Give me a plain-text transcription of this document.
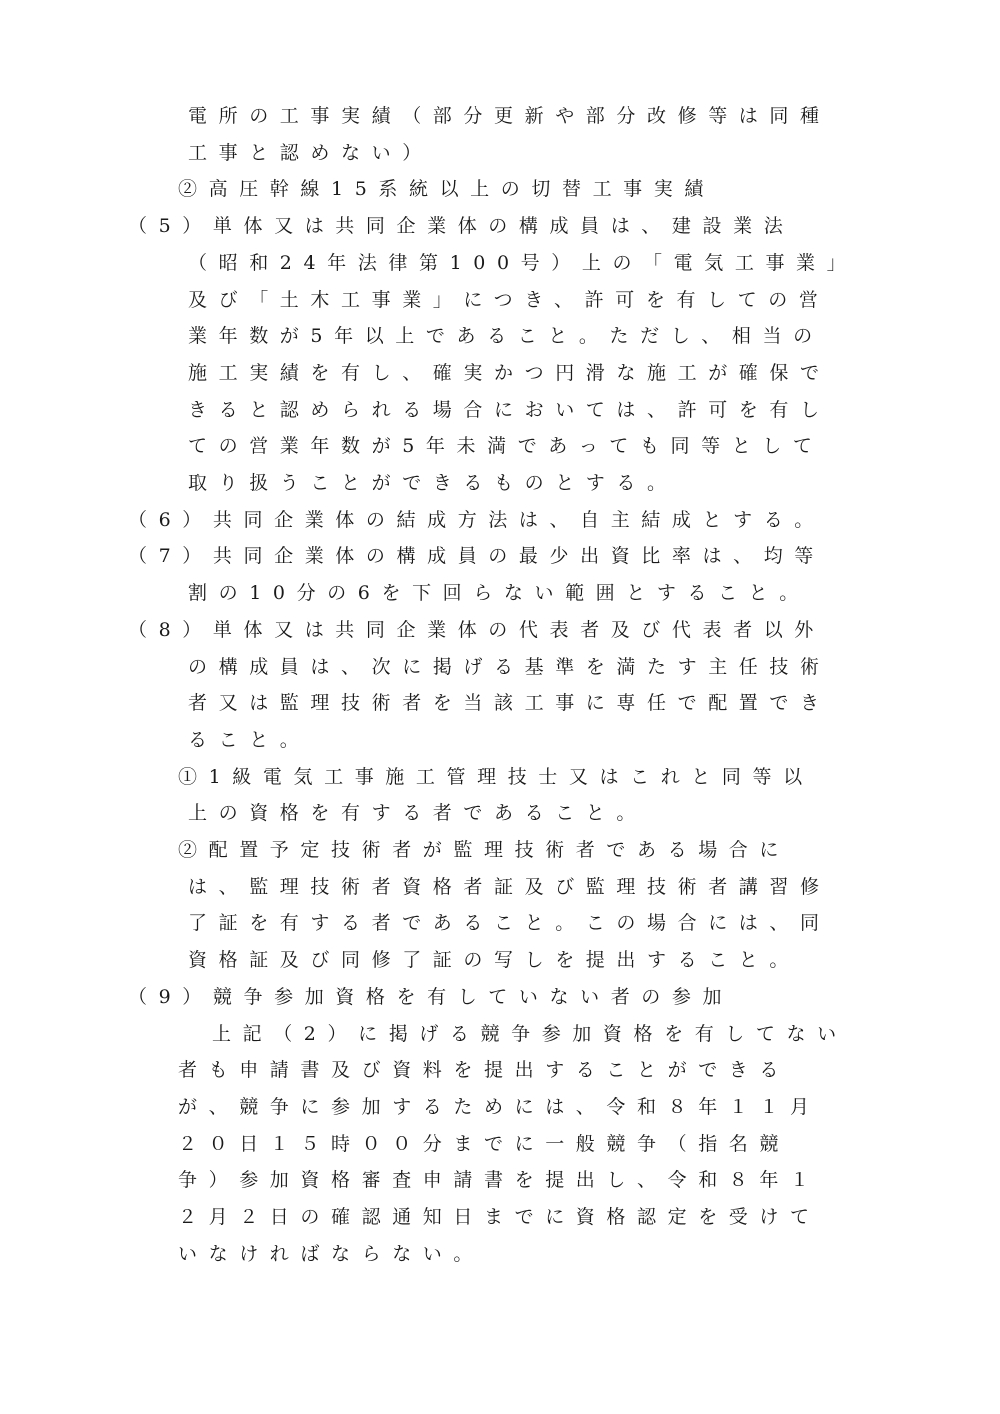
電所の工事実績（部分更新や部分改修等は同種
工事と認めない）
②高圧幹線15系統以上の切替工事実績
（5）単体又は共同企業体の構成員は、建設業法
（昭和24年法律第100号）上の「電気工事業」
及び「土木工事業」につき、許可を有しての営
業年数が5年以上であること。ただし、相当の
施工実績を有し、確実かつ円滑な施工が確保で
きると認められる場合においては、許可を有し
ての営業年数が5年未満であっても同等として
取り扱うことができるものとする。
（6）共同企業体の結成方法は、自主結成とする。
（7）共同企業体の構成員の最少出資比率は、均等
割の10分の6を下回らない範囲とすること。
（8）単体又は共同企業体の代表者及び代表者以外
の構成員は、次に掲げる基準を満たす主任技術
者又は監理技術者を当該工事に専任で配置でき
ること。
①1級電気工事施工管理技士又はこれと同等以
上の資格を有する者であること。
②配置予定技術者が監理技術者である場合に
は、監理技術者資格者証及び監理技術者講習修
了証を有する者であること。この場合には、同
資格証及び同修了証の写しを提出すること。
（9）競争参加資格を有していない者の参加
上記（2）に掲げる競争参加資格を有してない
者も申請書及び資料を提出することができる
が、競争に参加するためには、令和８年１１月
２０日１５時００分までに一般競争（指名競
争）参加資格審査申請書を提出し、令和８年１
２月２日の確認通知日までに資格認定を受けて
いなければならない。
